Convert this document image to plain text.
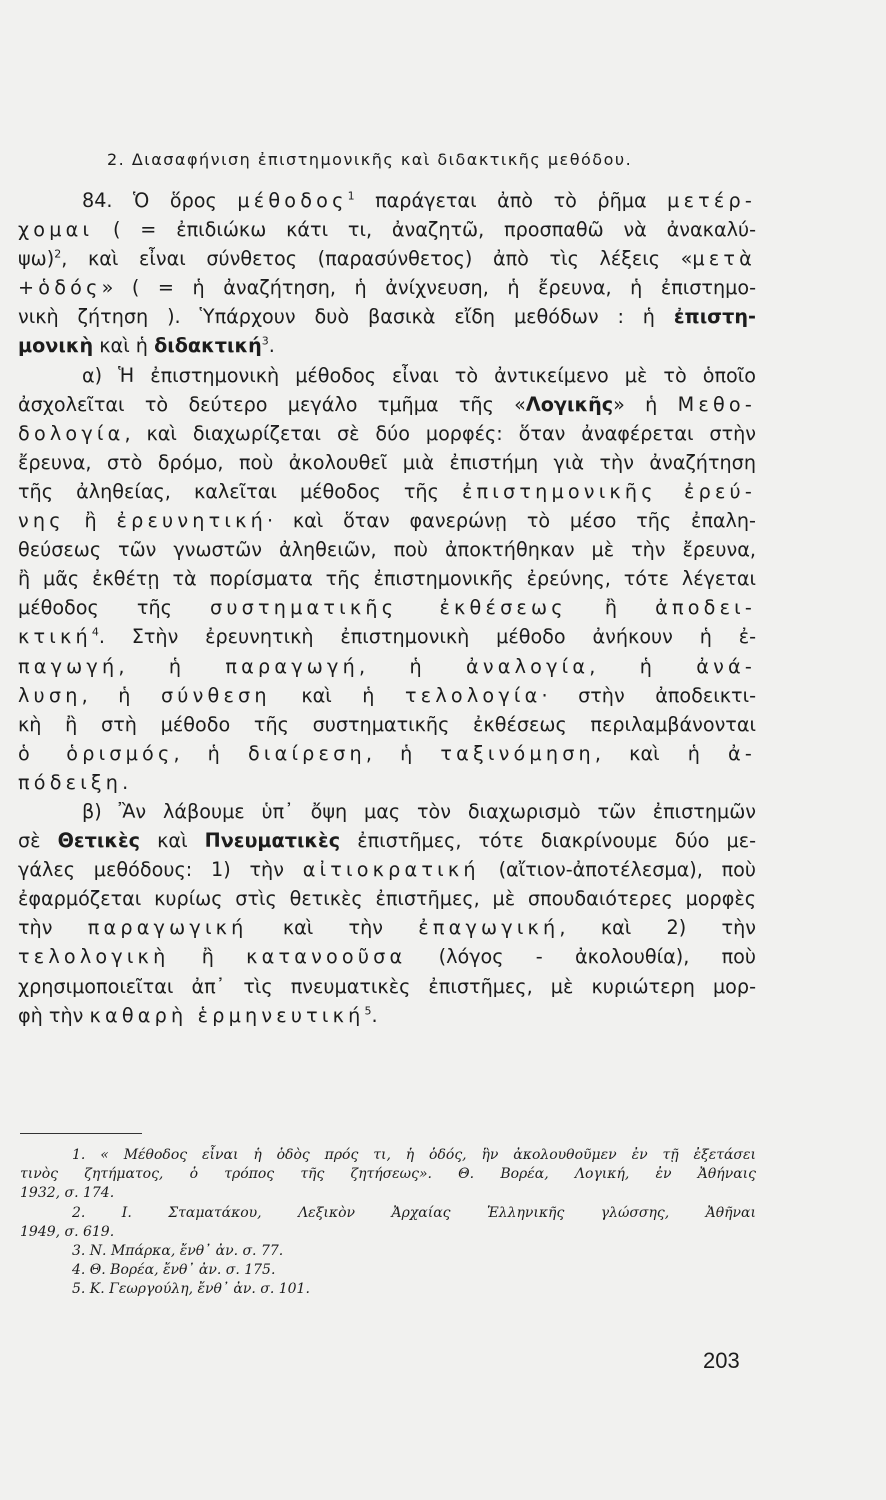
2. Διασαφήνιση ἐπιστημονικῆς καὶ διδακτικῆς μεθόδου.
84. Ὁ ὅρος μέθοδος$^1$ παράγεται ἀπὸ τὸ ῥῆμα μετέρ-
χομαι ( = ἐπιδιώκω κάτι τι, ἀναζητῶ, προσπαθῶ νὰ ἀνακαλύ-
ψω)$^2$, καὶ εἶναι σύνθετος (παρασύνθετος) ἀπὸ τὶς λέξεις «μετὰ
+ὁδός» ( = ἡ ἀναζήτηση, ἡ ἀνίχνευση, ἡ ἔρευνα, ἡ ἐπιστημο-
νικὴ ζήτηση ). Ὑπάρχουν δυὸ βασικὰ εἴδη μεθόδων : ἡ ἐπιστη-
μονικὴ καὶ ἡ διδακτική$^3$.
α) Ἡ ἐπιστημονικὴ μέθοδος εἶναι τὸ ἀντικείμενο μὲ τὸ ὁποῖο
ἀσχολεῖται τὸ δεύτερο μεγάλο τμῆμα τῆς «Λογικῆς» ἡ Μεθο-
δολογία, καὶ διαχωρίζεται σὲ δύο μορφές: ὅταν ἀναφέρεται στὴν
ἔρευνα, στὸ δρόμο, ποὺ ἀκολουθεῖ μιὰ ἐπιστήμη γιὰ τὴν ἀναζήτηση
τῆς ἀληθείας, καλεῖται μέθοδος τῆς ἐπιστημονικῆς ἐρεύ-
νης ἢ ἐρευνητική· καὶ ὅταν φανερώνῃ τὸ μέσο τῆς ἐπαλη-
θεύσεως τῶν γνωστῶν ἀληθειῶν, ποὺ ἀποκτήθηκαν μὲ τὴν ἔρευνα,
ἢ μᾶς ἐκθέτῃ τὰ πορίσματα τῆς ἐπιστημονικῆς ἐρεύνης, τότε λέγεται
μέθοδος τῆς συστηματικῆς ἐκθέσεως ἢ ἀποδει-
κτική$^4$. Στὴν ἐρευνητικὴ ἐπιστημονικὴ μέθοδο ἀνήκουν ἡ ἐ-
παγωγή, ἡ παραγωγή, ἡ ἀναλογία, ἡ ἀνά-
λυση, ἡ σύνθεση καὶ ἡ τελολογία· στὴν ἀποδεικτι-
κὴ ἢ στὴ μέθοδο τῆς συστηματικῆς ἐκθέσεως περιλαμβάνονται
ὁ ὁρισμός, ἡ διαίρεση, ἡ ταξινόμηση, καὶ ἡ ἀ-
πόδειξη.
β) Ἂν λάβουμε ὑπ᾿ ὄψη μας τὸν διαχωρισμὸ τῶν ἐπιστημῶν
σὲ Θετικὲς καὶ Πνευματικὲς ἐπιστῆμες, τότε διακρίνουμε δύο με-
γάλες μεθόδους: 1) τὴν αἰτιοκρατική (αἴτιον-ἀποτέλεσμα), ποὺ
ἐφαρμόζεται κυρίως στὶς θετικὲς ἐπιστῆμες, μὲ σπουδαιότερες μορφὲς
τὴν παραγωγική καὶ τὴν ἐπαγωγική, καὶ 2) τὴν
τελολογικὴ ἢ κατανοοῦσα (λόγος - ἀκολουθία), ποὺ
χρησιμοποιεῖται ἀπ᾿ τὶς πνευματικὲς ἐπιστῆμες, μὲ κυριώτερη μορ-
φὴ τὴν καθαρὴ ἑρμηνευτική$^5$.
1. « Μέθοδος εἶναι ἡ ὁδὸς πρός τι, ἡ ὁδός, ἣν ἀκολουθοῦμεν ἐν τῇ ἐξετάσει
τινὸς ζητήματος, ὁ τρόπος τῆς ζητήσεως». Θ. Βορέα, Λογική, ἐν Ἀθήναις
1932, σ. 174.
2. Ι. Σταματάκου, Λεξικὸν Ἀρχαίας Ἑλληνικῆς γλώσσης, Ἀθῆναι
1949, σ. 619.
3. Ν. Μπάρκα, ἔνθ᾿ ἀν. σ. 77.
4. Θ. Βορέα, ἔνθ᾿ ἀν. σ. 175.
5. Κ. Γεωργούλη, ἔνθ᾿ ἀν. σ. 101.
203
